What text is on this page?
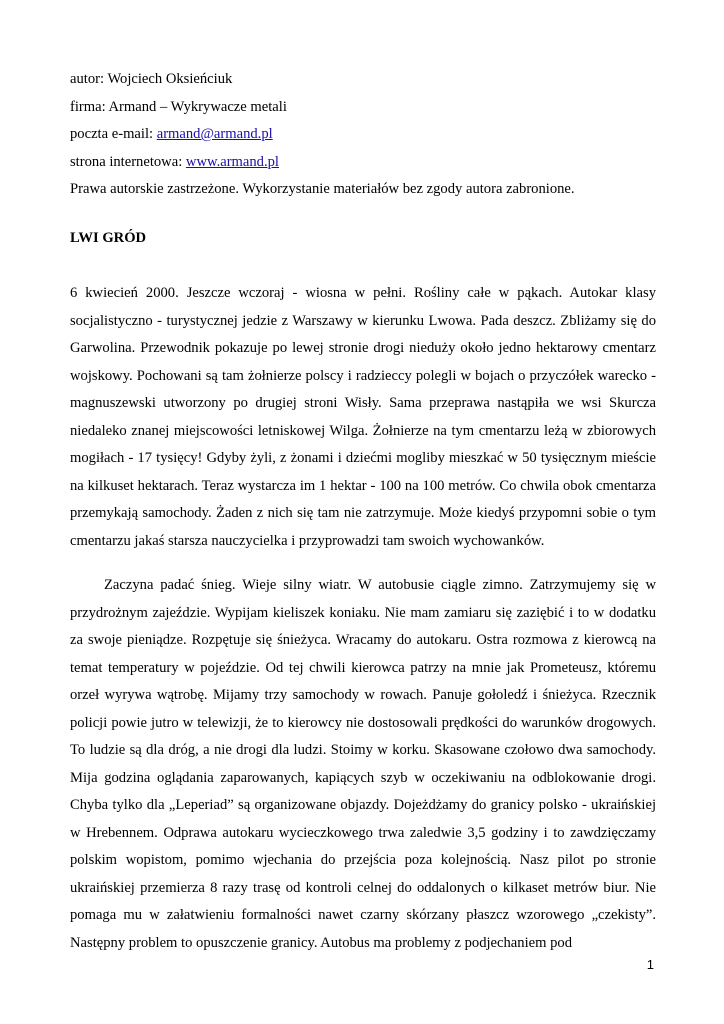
autor: Wojciech Oksieńciuk
firma: Armand – Wykrywacze metali
poczta e-mail: armand@armand.pl
strona internetowa: www.armand.pl
Prawa autorskie zastrzeżone. Wykorzystanie materiałów bez zgody autora zabronione.
LWI GRÓD

6 kwiecień 2000. Jeszcze wczoraj - wiosna w pełni. Rośliny całe w pąkach. Autokar klasy socjalistyczno - turystycznej jedzie z Warszawy w kierunku Lwowa. Pada deszcz. Zbliżamy się do Garwolina. Przewodnik pokazuje po lewej stronie drogi nieduży około jedno hektarowy cmentarz wojskowy. Pochowani są tam żołnierze polscy i radzieccy polegli w bojach o przyczółek warecko - magnuszewski utworzony po drugiej stroni Wisły. Sama przeprawa nastąpiła we wsi Skurcza niedaleko znanej miejscowości letniskowej Wilga. Żołnierze na tym cmentarzu leżą w zbiorowych mogiłach - 17 tysięcy! Gdyby żyli, z żonami i dziećmi mogliby mieszkać w 50 tysięcznym mieście na kilkuset hektarach. Teraz wystarcza im 1 hektar - 100 na 100 metrów. Co chwila obok cmentarza przemykają samochody. Żaden z nich się tam nie zatrzymuje. Może kiedyś przypomni sobie o tym cmentarzu jakaś starsza nauczycielka i przyprowadzi tam swoich wychowanków.

Zaczyna padać śnieg. Wieje silny wiatr. W autobusie ciągle zimno. Zatrzymujemy się w przydrożnym zajeździe. Wypijam kieliszek koniaku. Nie mam zamiaru się zaziębić i to w dodatku za swoje pieniądze. Rozpętuje się śnieżyca. Wracamy do autokaru. Ostra rozmowa z kierowcą na temat temperatury w pojeździe. Od tej chwili kierowca patrzy na mnie jak Prometeusz, któremu orzeł wyrywa wątrobę. Mijamy trzy samochody w rowach. Panuje gołoledź i śnieżyca. Rzecznik policji powie jutro w telewizji, że to kierowcy nie dostosowali prędkości do warunków drogowych. To ludzie są dla dróg, a nie drogi dla ludzi. Stoimy w korku. Skasowane czołowo dwa samochody. Mija godzina oglądania zaparowanych, kapiących szyb w oczekiwaniu na odblokowanie drogi. Chyba tylko dla „Leperiad” są organizowane objazdy. Dojeżdżamy do granicy polsko - ukraińskiej w Hrebennem. Odprawa autokaru wycieczkowego trwa zaledwie 3,5 godziny i to zawdzięczamy polskim wopistom, pomimo wjechania do przejścia poza kolejnością. Nasz pilot po stronie ukraińskiej przemierza 8 razy trasę od kontroli celnej do oddalonych o kilkaset metrów biur. Nie pomaga mu w załatwieniu formalności nawet czarny skórzany płaszcz wzorowego „czekisty”. Następny problem to opuszczenie granicy. Autobus ma problemy z podjechaniem pod

1
